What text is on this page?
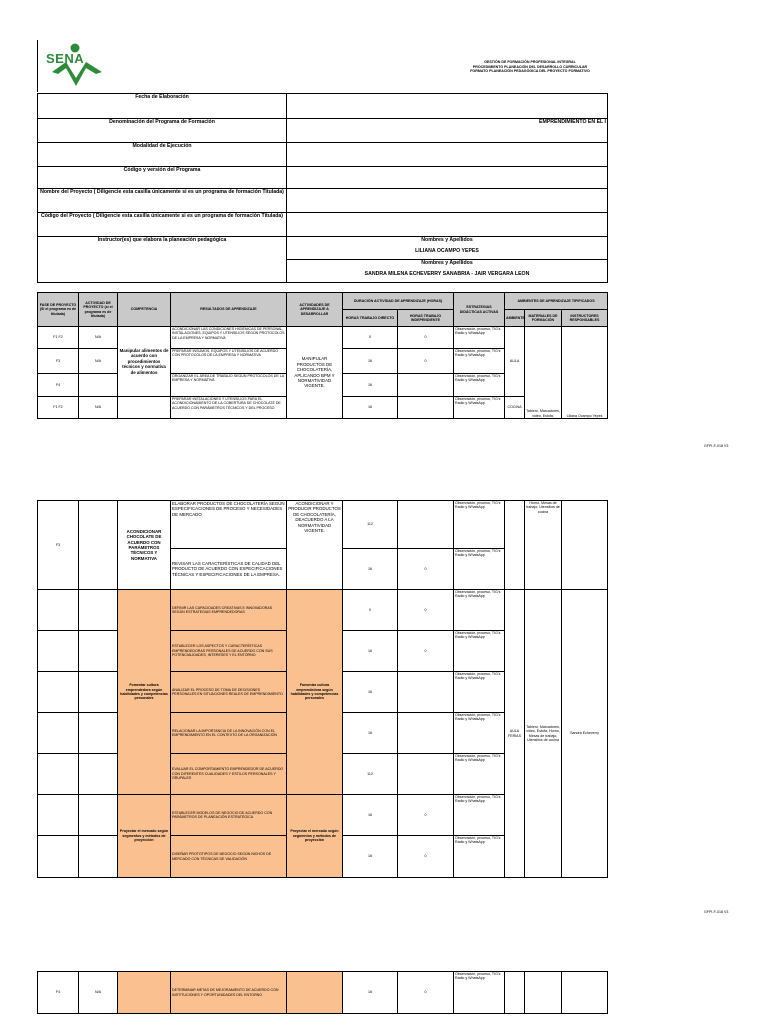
SENA	GESTIÓN DE FORMACIÓN PROFESIONAL INTEGRAL
PROCEDIMIENTO PLANEACIÓN DEL DESARROLLO CURRICULAR
FORMATO PLANEACIÓN PEDAGÓGICA DEL PROYECTO FORMATIVO
Fecha de Elaboración	
Denominación del Programa de Formación	EMPRENDIMIENTO EN EL I
Modalidad de Ejecución	
Código y versión del Programa	
Nombre del Proyecto ( Diligencie esta casilla únicamente si es un programa de formación Titulada)	
Código del Proyecto ( Diligencie esta casilla únicamente si es un programa de formación Titulada)	
Instructor(es) que elabora la planeación pedagógica	Nombres y Apellidos
LILIANA OCAMPO YEPES
Nombres y Apellidos
SANDRA MILENA ECHEVERRY SANABRIA - JAIR VERGARA LEON
FASE DE PROYECTO (Si el programa es de titulada)	ACTIVIDAD DE PROYECTO (si el programa es de titulada)	COMPETENCIA	RESULTADOS DE APRENDIZAJE	ACTIVIDADES DE APRENDIZAJE A DESARROLLAR	DURACIÓN ACTIVIDAD DE APRENDIZAJE (HORAS)		ESTRATEGIAS DIDÁCTICAS ACTIVAS	AMBIENTES DE APRENDIZAJE TIPIFICADOS		
					HORAS TRABAJO DIRECTO	HORAS TRABAJO INDEPENDIENTE		AMBIENTE	MATERIALES DE FORMACIÓN	INSTRUCTORES RESPONSABLES
F1 F2	N/A	Manipular alimentos de acuerdo con procedimientos técnicos y normativa de alimentos	ACONDICIONAR LAS CONDICIONES HIGIÉNICAS DE PERSONAL, INSTALACIONES, EQUIPOS Y UTENSILIOS SEGÚN PROTOCOLOS DE LA EMPRESA Y NORMATIVA	MANIPULAR PRODUCTOS DE CHOCOLATERÍA, APLICANDO BPM Y NORMATIVIDAD VIGENTE.	0	0	Observación, proceso, TIG's Radio y WhatsApp	AULA	Tablero, Marcadores, video, Estufa,	Liliana Ocampo Yepes
F3	N/A		PREPARAR INSUMOS, EQUIPOS Y UTENSILIOS DE ACUERDO CON PROTOCOLOS DE LA EMPRESA Y NORMATIVA		16	0	Observación, proceso, TIG's Radio y WhatsApp			
F4			ORGANIZAR EL ÁREA DE TRABAJO SEGÚN PROTOCOLOS DE LA EMPRESA Y NORMATIVA		16		Observación, proceso, TIG's Radio y WhatsApp			
F1 F2	N/A		PREPARAR INSTALACIONES Y UTENSILIOS PARA EL ACONDICIONAMIENTO DE LA COBERTURA DE CHOCOLATE DE ACUERDO CON PARÁMETROS TÉCNICOS Y DEL PROCESO		16		Observación, proceso, TIG's Radio y WhatsApp	COCINA		
GFPI-F-018 V3
F3		ACONDICIONAR CHOCOLATE DE ACUERDO CON PARÁMETROS TÉCNICOS Y NORMATIVA	ELABORAR PRODUCTOS DE CHOCOLATERÍA SEGÚN ESPECIFICACIONES DE PROCESO Y NECESIDADES DE MERCADO	ACONDICIONAR Y PRODUCIR PRODUCTOS DE CHOCOLATERÍA, DEACUERDO A LA NORMATIVIDAD VIGENTE.	112		Observación, proceso, TIG's Radio y WhatsApp		Horno, Mesas de trabajo, Utensilios de cocina	
			REVISAR LAS CARACTERÍSTICAS DE CALIDAD DEL PRODUCTO DE ACUERDO CON ESPECIFICACIONES TÉCNICAS Y ESPECIFICACIONES DE LA EMPRESA.		16	0	Observación, proceso, TIG's Radio y WhatsApp			
		Fomentar cultura emprendedora según habilidades y competencias personales	DEFINIR LAS CAPACIDADES CREATIVAS E INNOVADORAS SEGÚN ESTRATEGIAS EMPRENDEDORAS	Fomentar cultura emprendedora según habilidades y competencias personales	0	0	Observación, proceso, TIG's Radio y WhatsApp	AULA FERIAS	Tablero, Marcadores, video, Estufa, Horno, Mesas de trabajo, Utensilios de cocina	Sandra Echeverry
			ESTABLECER LOS ASPECTOS Y CARACTERÍSTICAS EMPRENDEDORAS PERSONALES DE ACUERDO CON SUS POTENCIALIDADES, INTERESES Y EL ENTORNO		16	0	Observación, proceso, TIG's Radio y WhatsApp			
			ANALIZAR EL PROCESO DE TOMA DE DECISIONES PERSONALES EN SITUACIONES REALES DE EMPRENDIMIENTO		16		Observación, proceso, TIG's Radio y WhatsApp			
			RELACIONAR LA IMPORTANCIA DE LA INNOVACIÓN CON EL EMPRENDIMIENTO EN EL CONTEXTO DE LA ORGANIZACIÓN		16		Observación, proceso, TIG's Radio y WhatsApp			
			EVALUAR EL COMPORTAMIENTO EMPRENDEDOR DE ACUERDO CON DIFERENTES CUALIDADES Y ESTILOS PERSONALES Y GRUPALES		112		Observación, proceso, TIG's Radio y WhatsApp			
		Proyectar el mercado según segmentos y métodos de proyección	ESTABLECER MODELOS DE NEGOCIO DE ACUERDO CON PARÁMETROS DE PLANEACIÓN ESTRATÉGICA	Proyectar el mercado según segmentos y métodos de proyección	16	0	Observación, proceso, TIG's Radio y WhatsApp			
			DISEÑAR PROTOTIPOS DE NEGOCIO SEGÚN NICHOS DE MERCADO CON TÉCNICAS DE VALIDACIÓN		16	0	Observación, proceso, TIG's Radio y WhatsApp			
GFPI-F-018 V3
F4	N/A		DETERMINAR METAS DE MEJORAMIENTO DE ACUERDO CON INSTITUCIONES Y OPORTUNIDADES DEL ENTORNO		16	0	Observación, proceso, TIG's Radio y WhatsApp			
